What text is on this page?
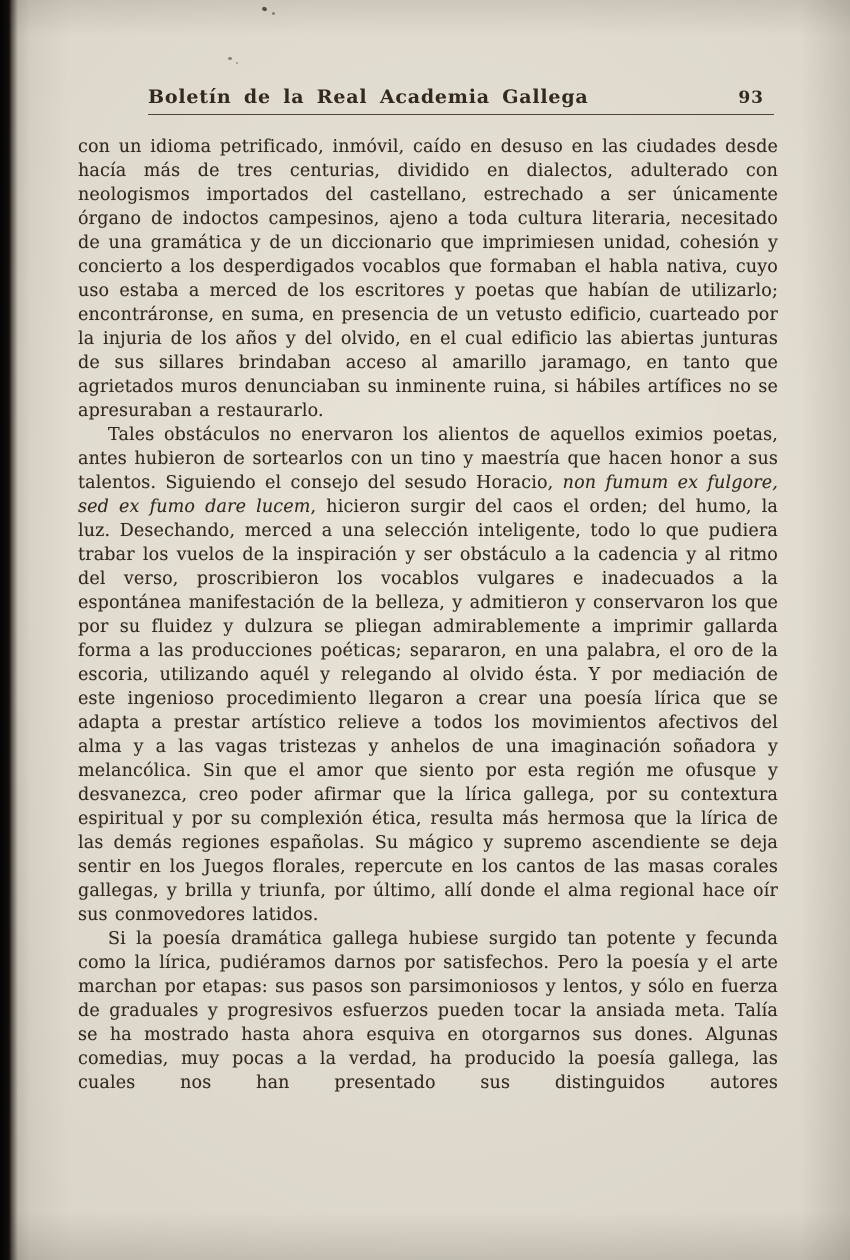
Boletín de la Real Academia Gallega	93

con un idioma petrificado, inmóvil, caído en desuso en las ciudades desde hacía más de tres centurias, dividido en dialectos, adulterado con neologismos importados del castellano, estrechado a ser únicamente órgano de indoctos campesinos, ajeno a toda cultura literaria, necesitado de una gramática y de un diccionario que imprimiesen unidad, cohesión y concierto a los desperdigados vocablos que formaban el habla nativa, cuyo uso estaba a merced de los escritores y poetas que habían de utilizarlo; encontráronse, en suma, en presencia de un vetusto edificio, cuarteado por la injuria de los años y del olvido, en el cual edificio las abiertas junturas de sus sillares brindaban acceso al amarillo jaramago, en tanto que agrietados muros denunciaban su inminente ruina, si hábiles artífices no se apresuraban a restaurarlo.

Tales obstáculos no enervaron los alientos de aquellos eximios poetas, antes hubieron de sortearlos con un tino y maestría que hacen honor a sus talentos. Siguiendo el consejo del sesudo Horacio, non fumum ex fulgore, sed ex fumo dare lucem, hicieron surgir del caos el orden; del humo, la luz. Desechando, merced a una selección inteligente, todo lo que pudiera trabar los vuelos de la inspiración y ser obstáculo a la cadencia y al ritmo del verso, proscribieron los vocablos vulgares e inadecuados a la espontánea manifestación de la belleza, y admitieron y conservaron los que por su fluidez y dulzura se pliegan admirablemente a imprimir gallarda forma a las producciones poéticas; separaron, en una palabra, el oro de la escoria, utilizando aquél y relegando al olvido ésta. Y por mediación de este ingenioso procedimiento llegaron a crear una poesía lírica que se adapta a prestar artístico relieve a todos los movimientos afectivos del alma y a las vagas tristezas y anhelos de una imaginación soñadora y melancólica. Sin que el amor que siento por esta región me ofusque y desvanezca, creo poder afirmar que la lírica gallega, por su contextura espiritual y por su complexión ética, resulta más hermosa que la lírica de las demás regiones españolas. Su mágico y supremo ascendiente se deja sentir en los Juegos florales, repercute en los cantos de las masas corales gallegas, y brilla y triunfa, por último, allí donde el alma regional hace oír sus conmovedores latidos.

Si la poesía dramática gallega hubiese surgido tan potente y fecunda como la lírica, pudiéramos darnos por satisfechos. Pero la poesía y el arte marchan por etapas: sus pasos son parsimoniosos y lentos, y sólo en fuerza de graduales y progresivos esfuerzos pueden tocar la ansiada meta. Talía se ha mostrado hasta ahora esquiva en otorgarnos sus dones. Algunas comedias, muy pocas a la verdad, ha producido la poesía gallega, las cuales nos han presentado sus distinguidos autores
